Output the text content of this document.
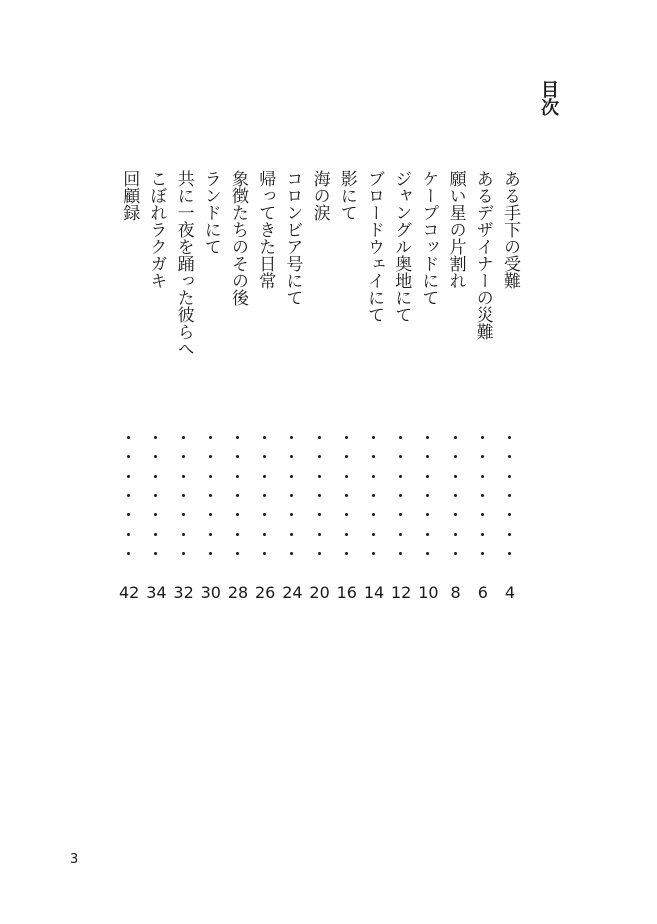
目次
ある手下の受難
4
あるデザイナーの災難
6
願い星の片割れ
8
ケープコッドにて
10
ジャングル奥地にて
12
ブロードウェイにて
14
影にて
16
海の涙
20
コロンビア号にて
24
帰ってきた日常
26
象徴たちのその後
28
ランドにて
30
共に一夜を踊った彼らへ
32
こぼれラクガキ
34
回顧録
42
3
